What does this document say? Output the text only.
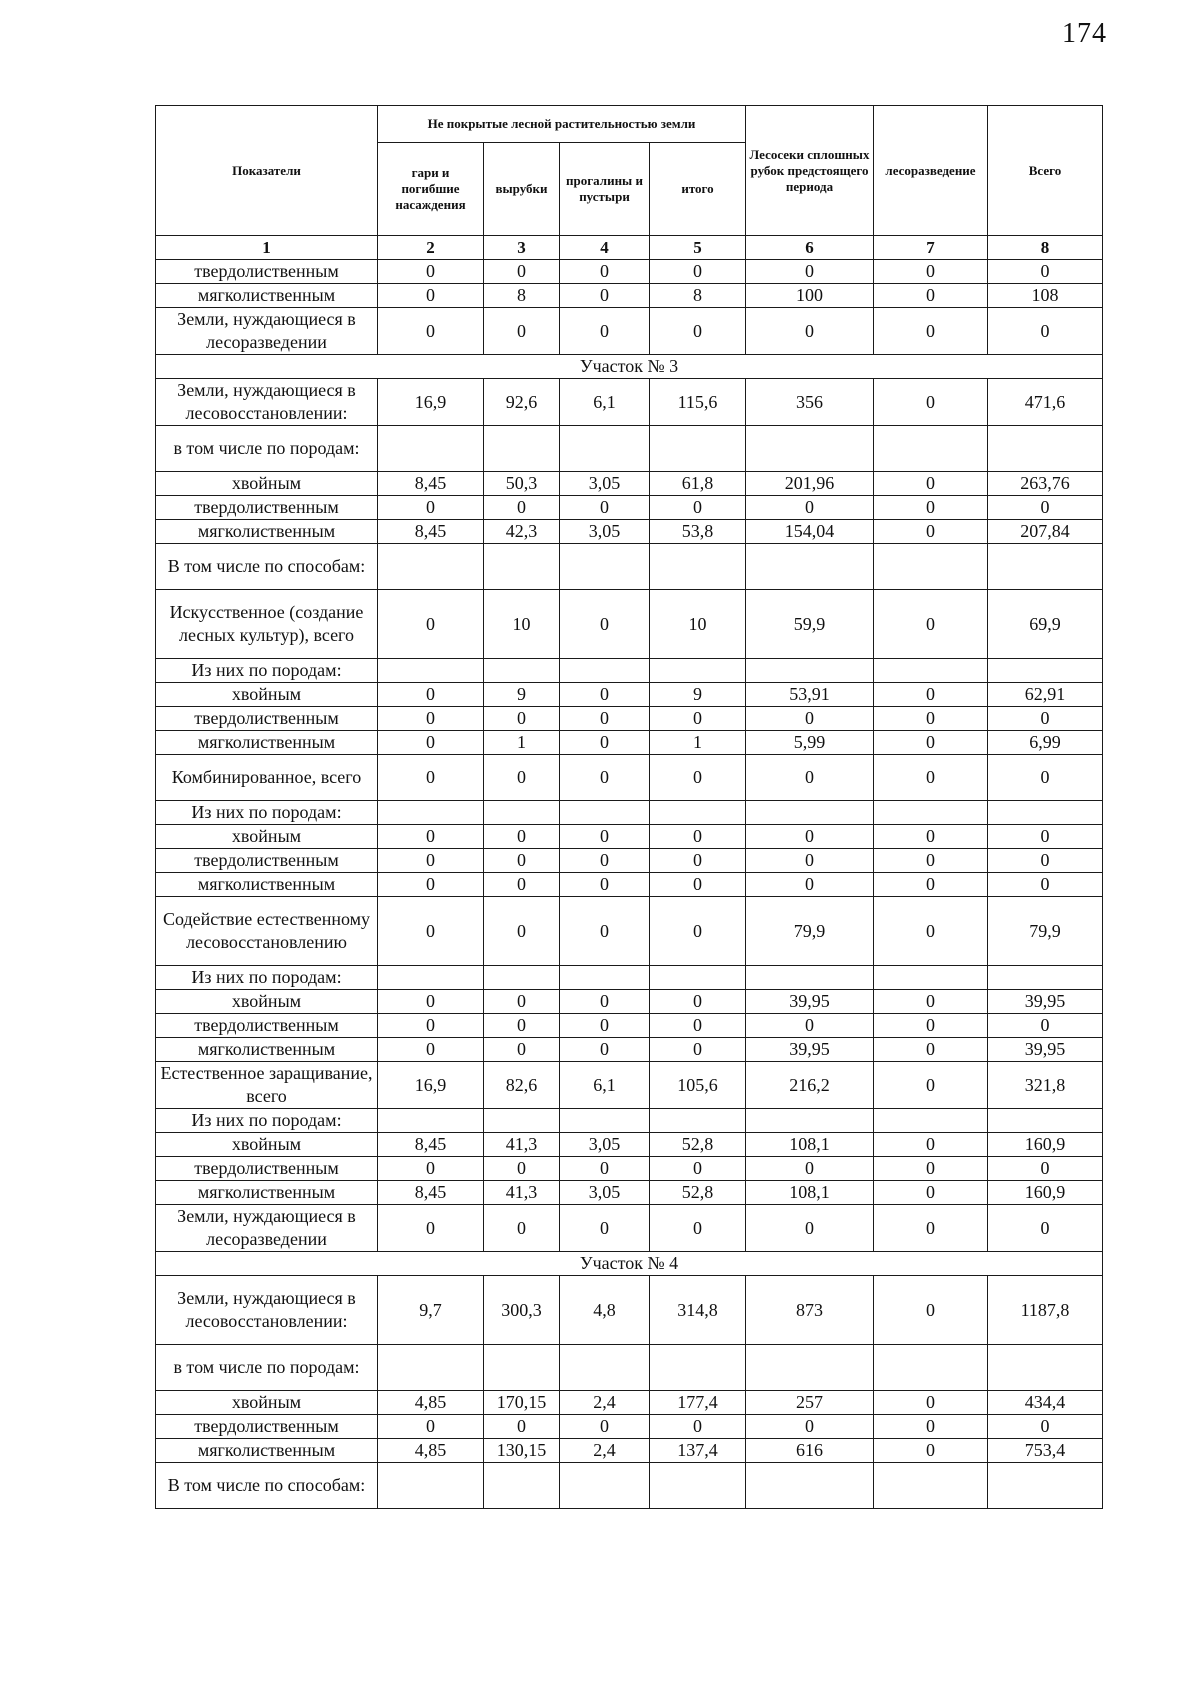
174
Показатели	Не покрытые лесной растительностью земли				Лесосеки сплошных рубок предстоящего периода	лесоразведение	Всего
	гари и погибшие насаждения	вырубки	прогалины и пустыри	итого			
1	2	3	4	5	6	7	8
твердолиственным	0	0	0	0	0	0	0
мягколиственным	0	8	0	8	100	0	108
Земли, нуждающиеся в лесоразведении	0	0	0	0	0	0	0
Участок № 3							
Земли, нуждающиеся в лесовосстановлении:	16,9	92,6	6,1	115,6	356	0	471,6
в том числе по породам:							
хвойным	8,45	50,3	3,05	61,8	201,96	0	263,76
твердолиственным	0	0	0	0	0	0	0
мягколиственным	8,45	42,3	3,05	53,8	154,04	0	207,84
В том числе по способам:							
Искусственное (создание лесных культур), всего	0	10	0	10	59,9	0	69,9
Из них по породам:							
хвойным	0	9	0	9	53,91	0	62,91
твердолиственным	0	0	0	0	0	0	0
мягколиственным	0	1	0	1	5,99	0	6,99
Комбинированное, всего	0	0	0	0	0	0	0
Из них по породам:							
хвойным	0	0	0	0	0	0	0
твердолиственным	0	0	0	0	0	0	0
мягколиственным	0	0	0	0	0	0	0
Содействие естественному лесовосстановлению	0	0	0	0	79,9	0	79,9
Из них по породам:							
хвойным	0	0	0	0	39,95	0	39,95
твердолиственным	0	0	0	0	0	0	0
мягколиственным	0	0	0	0	39,95	0	39,95
Естественное заращивание, всего	16,9	82,6	6,1	105,6	216,2	0	321,8
Из них по породам:							
хвойным	8,45	41,3	3,05	52,8	108,1	0	160,9
твердолиственным	0	0	0	0	0	0	0
мягколиственным	8,45	41,3	3,05	52,8	108,1	0	160,9
Земли, нуждающиеся в лесоразведении	0	0	0	0	0	0	0
Участок № 4							
Земли, нуждающиеся в лесовосстановлении:	9,7	300,3	4,8	314,8	873	0	1187,8
в том числе по породам:							
хвойным	4,85	170,15	2,4	177,4	257	0	434,4
твердолиственным	0	0	0	0	0	0	0
мягколиственным	4,85	130,15	2,4	137,4	616	0	753,4
В том числе по способам:							
